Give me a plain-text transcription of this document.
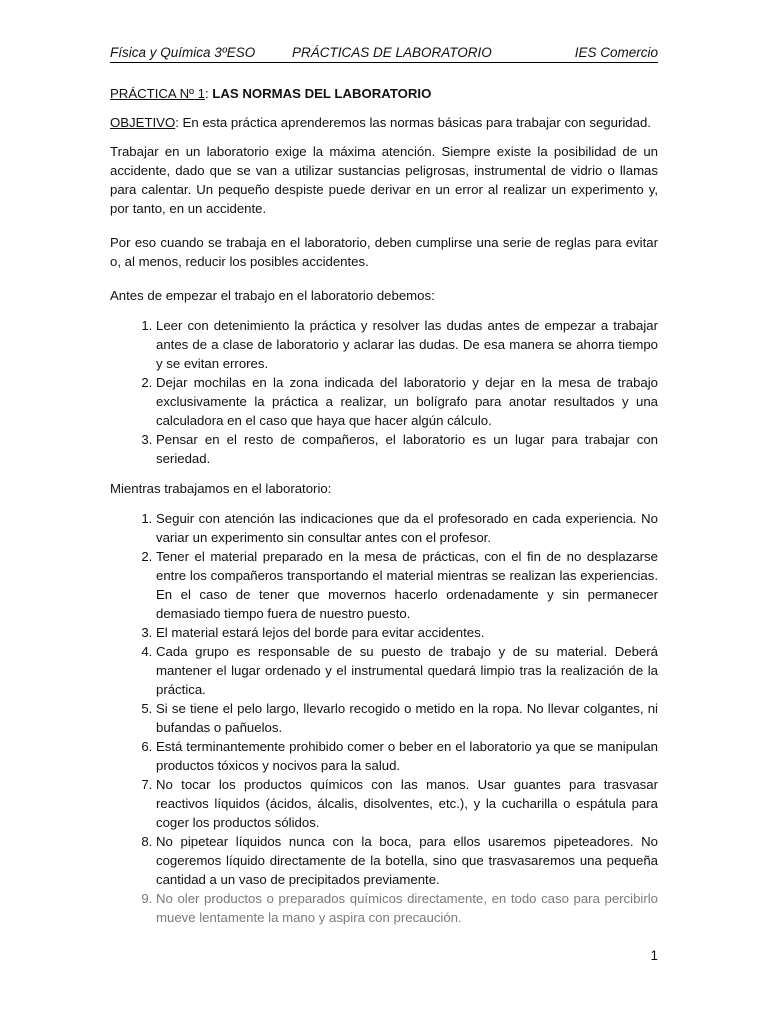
Física y Química 3ºESO	PRÁCTICAS DE LABORATORIO	IES Comercio

PRÁCTICA Nº 1: LAS NORMAS DEL LABORATORIO

OBJETIVO: En esta práctica aprenderemos las normas básicas para trabajar con seguridad.

Trabajar en un laboratorio exige la máxima atención. Siempre existe la posibilidad de un accidente, dado que se van a utilizar sustancias peligrosas, instrumental de vidrio o llamas para calentar. Un pequeño despiste puede derivar en un error al realizar un experimento y, por tanto, en un accidente.

Por eso cuando se trabaja en el laboratorio, deben cumplirse una serie de reglas para evitar o, al menos, reducir los posibles accidentes.

Antes de empezar el trabajo en el laboratorio debemos:

1. Leer con detenimiento la práctica y resolver las dudas antes de empezar a trabajar antes de a clase de laboratorio y aclarar las dudas. De esa manera se ahorra tiempo y se evitan errores.
2. Dejar mochilas en la zona indicada del laboratorio y dejar en la mesa de trabajo exclusivamente la práctica a realizar, un bolígrafo para anotar resultados y una calculadora en el caso que haya que hacer algún cálculo.
3. Pensar en el resto de compañeros, el laboratorio es un lugar para trabajar con seriedad.

Mientras trabajamos en el laboratorio:

1. Seguir con atención las indicaciones que da el profesorado en cada experiencia. No variar un experimento sin consultar antes con el profesor.
2. Tener el material preparado en la mesa de prácticas, con el fin de no desplazarse entre los compañeros transportando el material mientras se realizan las experiencias. En el caso de tener que movernos hacerlo ordenadamente y sin permanecer demasiado tiempo fuera de nuestro puesto.
3. El material estará lejos del borde para evitar accidentes.
4. Cada grupo es responsable de su puesto de trabajo y de su material. Deberá mantener el lugar ordenado y el instrumental quedará limpio tras la realización de la práctica.
5. Si se tiene el pelo largo, llevarlo recogido o metido en la ropa. No llevar colgantes, ni bufandas o pañuelos.
6. Está terminantemente prohibido comer o beber en el laboratorio ya que se manipulan productos tóxicos y nocivos para la salud.
7. No tocar los productos químicos con las manos. Usar guantes para trasvasar reactivos líquidos (ácidos, álcalis, disolventes, etc.), y la cucharilla o espátula para coger los productos sólidos.
8. No pipetear líquidos nunca con la boca, para ellos usaremos pipeteadores. No cogeremos líquido directamente de la botella, sino que trasvasaremos una pequeña cantidad a un vaso de precipitados previamente.
9. No oler productos o preparados químicos directamente, en todo caso para percibirlo mueve lentamente la mano y aspira con precaución.
1
